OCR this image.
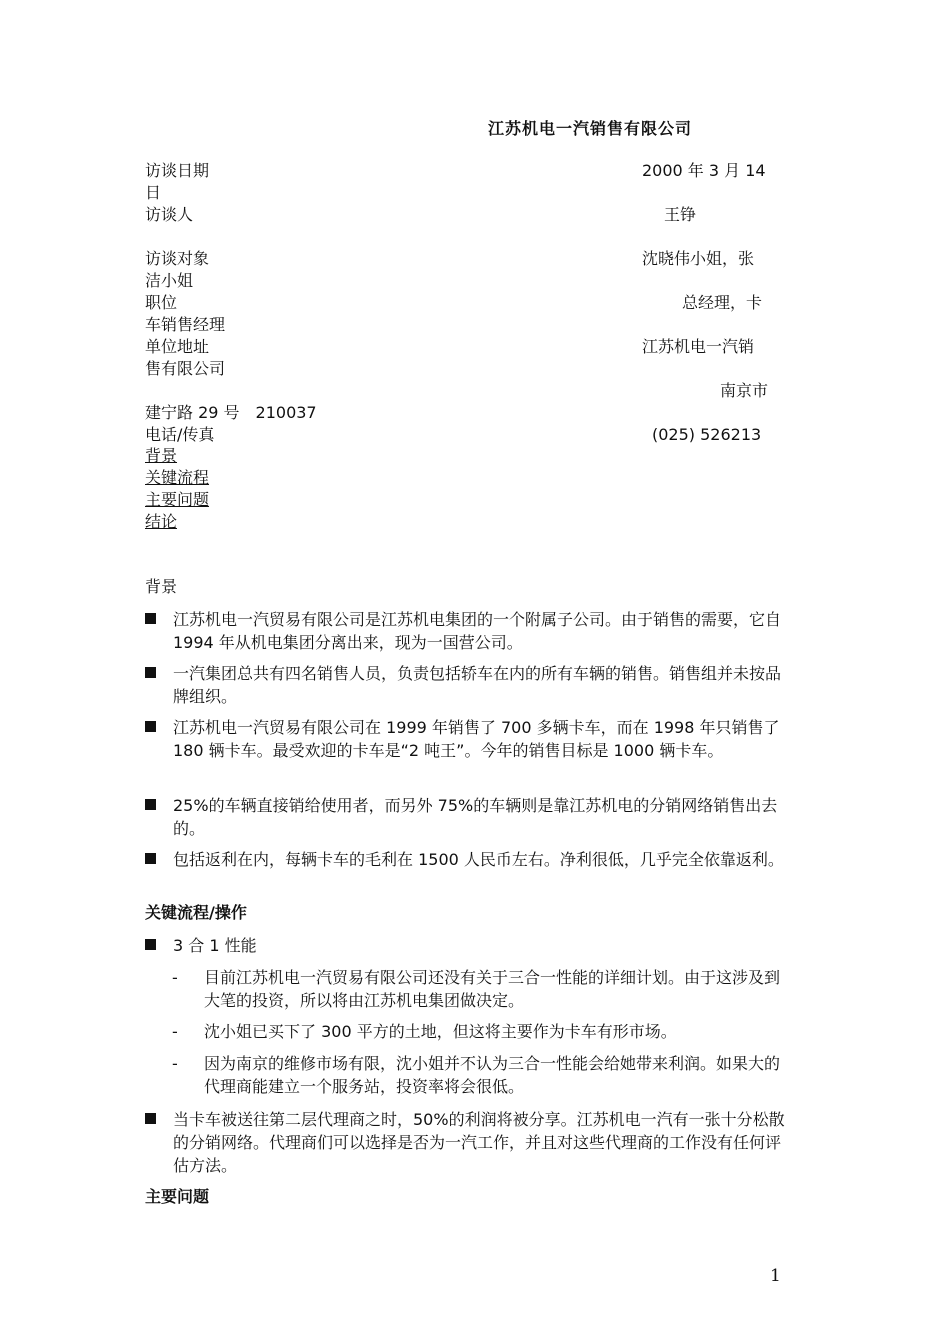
江苏机电一汽销售有限公司
访谈日期	2000 年 3 月 14
日
访谈人	王铮
访谈对象	沈晓伟小姐，张
洁小姐
职位	总经理，卡
车销售经理
单位地址	江苏机电一汽销
售有限公司
南京市
建宁路 29 号　210037
电话/传真	(025) 526213
背景
关键流程
主要问题
结论
背景
江苏机电一汽贸易有限公司是江苏机电集团的一个附属子公司。由于销售的需要，它自 1994 年从机电集团分离出来，现为一国营公司。
一汽集团总共有四名销售人员，负责包括轿车在内的所有车辆的销售。销售组并未按品牌组织。
江苏机电一汽贸易有限公司在 1999 年销售了 700 多辆卡车，而在 1998 年只销售了 180 辆卡车。最受欢迎的卡车是“2 吨王”。今年的销售目标是 1000 辆卡车。
25%的车辆直接销给使用者，而另外 75%的车辆则是靠江苏机电的分销网络销售出去的。
包括返利在内，每辆卡车的毛利在 1500 人民币左右。净利很低，几乎完全依靠返利。
关键流程/操作
3 合 1 性能
- 目前江苏机电一汽贸易有限公司还没有关于三合一性能的详细计划。由于这涉及到大笔的投资，所以将由江苏机电集团做决定。
- 沈小姐已买下了 300 平方的土地，但这将主要作为卡车有形市场。
- 因为南京的维修市场有限，沈小姐并不认为三合一性能会给她带来利润。如果大的代理商能建立一个服务站，投资率将会很低。
当卡车被送往第二层代理商之时，50%的利润将被分享。江苏机电一汽有一张十分松散的分销网络。代理商们可以选择是否为一汽工作，并且对这些代理商的工作没有任何评估方法。
主要问题
1
